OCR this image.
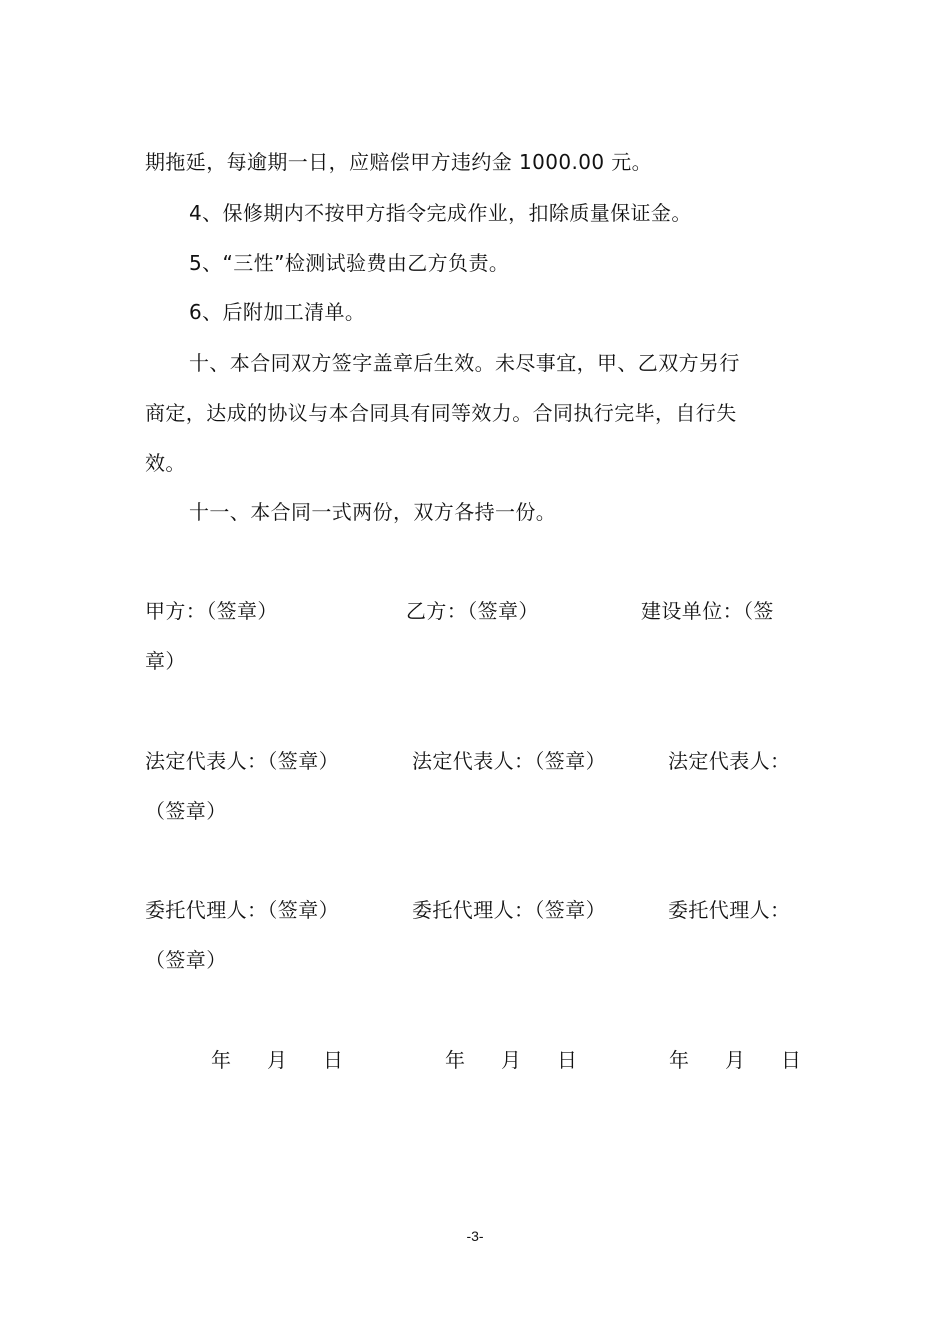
期拖延，每逾期一日，应赔偿甲方违约金 1000.00 元。
4、保修期内不按甲方指令完成作业，扣除质量保证金。
5、“三性”检测试验费由乙方负责。
6、后附加工清单。
十、本合同双方签字盖章后生效。未尽事宜，甲、乙双方另行
商定，达成的协议与本合同具有同等效力。合同执行完毕，自行失
效。
十一、本合同一式两份，双方各持一份。
甲方：（签章）	乙方：（签章）	建设单位：（签
章）
法定代表人：（签章）	法定代表人：（签章）	法定代表人：
（签章）
委托代理人：（签章）	委托代理人：（签章）	委托代理人：
（签章）
年 月 日	年 月 日	年 月 日
-3-
